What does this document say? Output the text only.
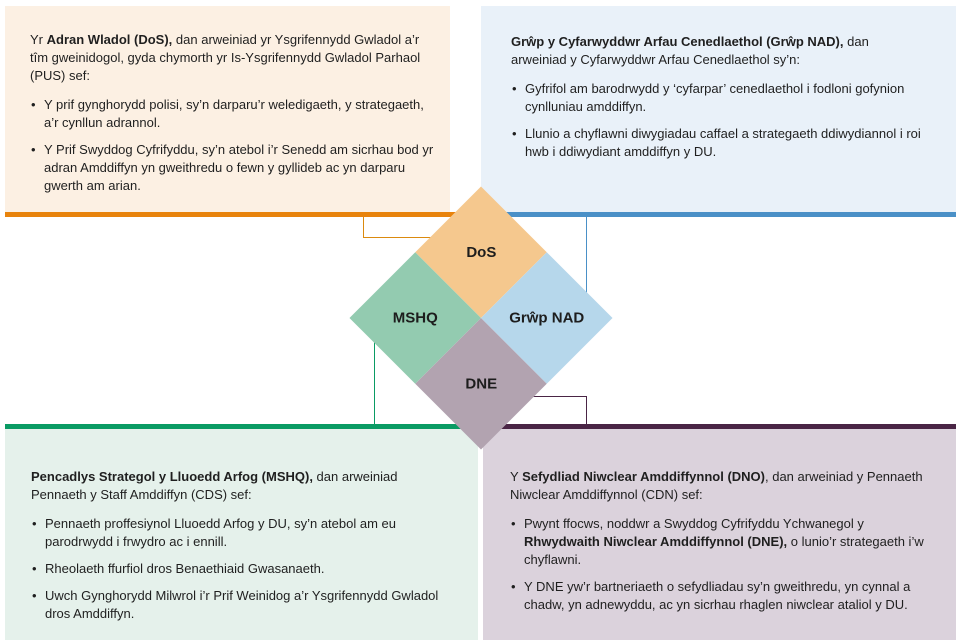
Yr Adran Wladol (DoS), dan arweiniad yr Ysgrifennydd Gwladol a’r tîm gweinidogol, gyda chymorth yr Is-Ysgrifennydd Gwladol Parhaol (PUS) sef:

• Y prif gynghorydd polisi, sy’n darparu’r weledigaeth, y strategaeth, a’r cynllun adrannol.
• Y Prif Swyddog Cyfrifyddu, sy’n atebol i’r Senedd am sicrhau bod yr adran Amddiffyn yn gweithredu o fewn y gyllideb ac yn darparu gwerth am arian.

Grŵp y Cyfarwyddwr Arfau Cenedlaethol (Grŵp NAD), dan arweiniad y Cyfarwyddwr Arfau Cenedlaethol sy’n:

• Gyfrifol am barodrwydd y ‘cyfarpar’ cenedlaethol i fodloni gofynion cynlluniau amddiffyn.
• Llunio a chyflawni diwygiadau caffael a strategaeth ddiwydiannol i roi hwb i ddiwydiant amddiffyn y DU.

Pencadlys Strategol y Lluoedd Arfog (MSHQ), dan arweiniad Pennaeth y Staff Amddiffyn (CDS) sef:

• Pennaeth proffesiynol Lluoedd Arfog y DU, sy’n atebol am eu parodrwydd i frwydro ac i ennill.
• Rheolaeth ffurfiol dros Benaethiaid Gwasanaeth.
• Uwch Gynghorydd Milwrol i’r Prif Weinidog a’r Ysgrifennydd Gwladol dros Amddiffyn.

Y Sefydliad Niwclear Amddiffynnol (DNO), dan arweiniad y Pennaeth Niwclear Amddiffynnol (CDN) sef:

• Pwynt ffocws, noddwr a Swyddog Cyfrifyddu Ychwanegol y Rhwydwaith Niwclear Amddiffynnol (DNE), o lunio’r strategaeth i’w chyflawni.
• Y DNE yw’r bartneriaeth o sefydliadau sy’n gweithredu, yn cynnal a chadw, yn adnewyddu, ac yn sicrhau rhaglen niwclear ataliol y DU.
DoS
Grŵp NAD
MSHQ
DNE
